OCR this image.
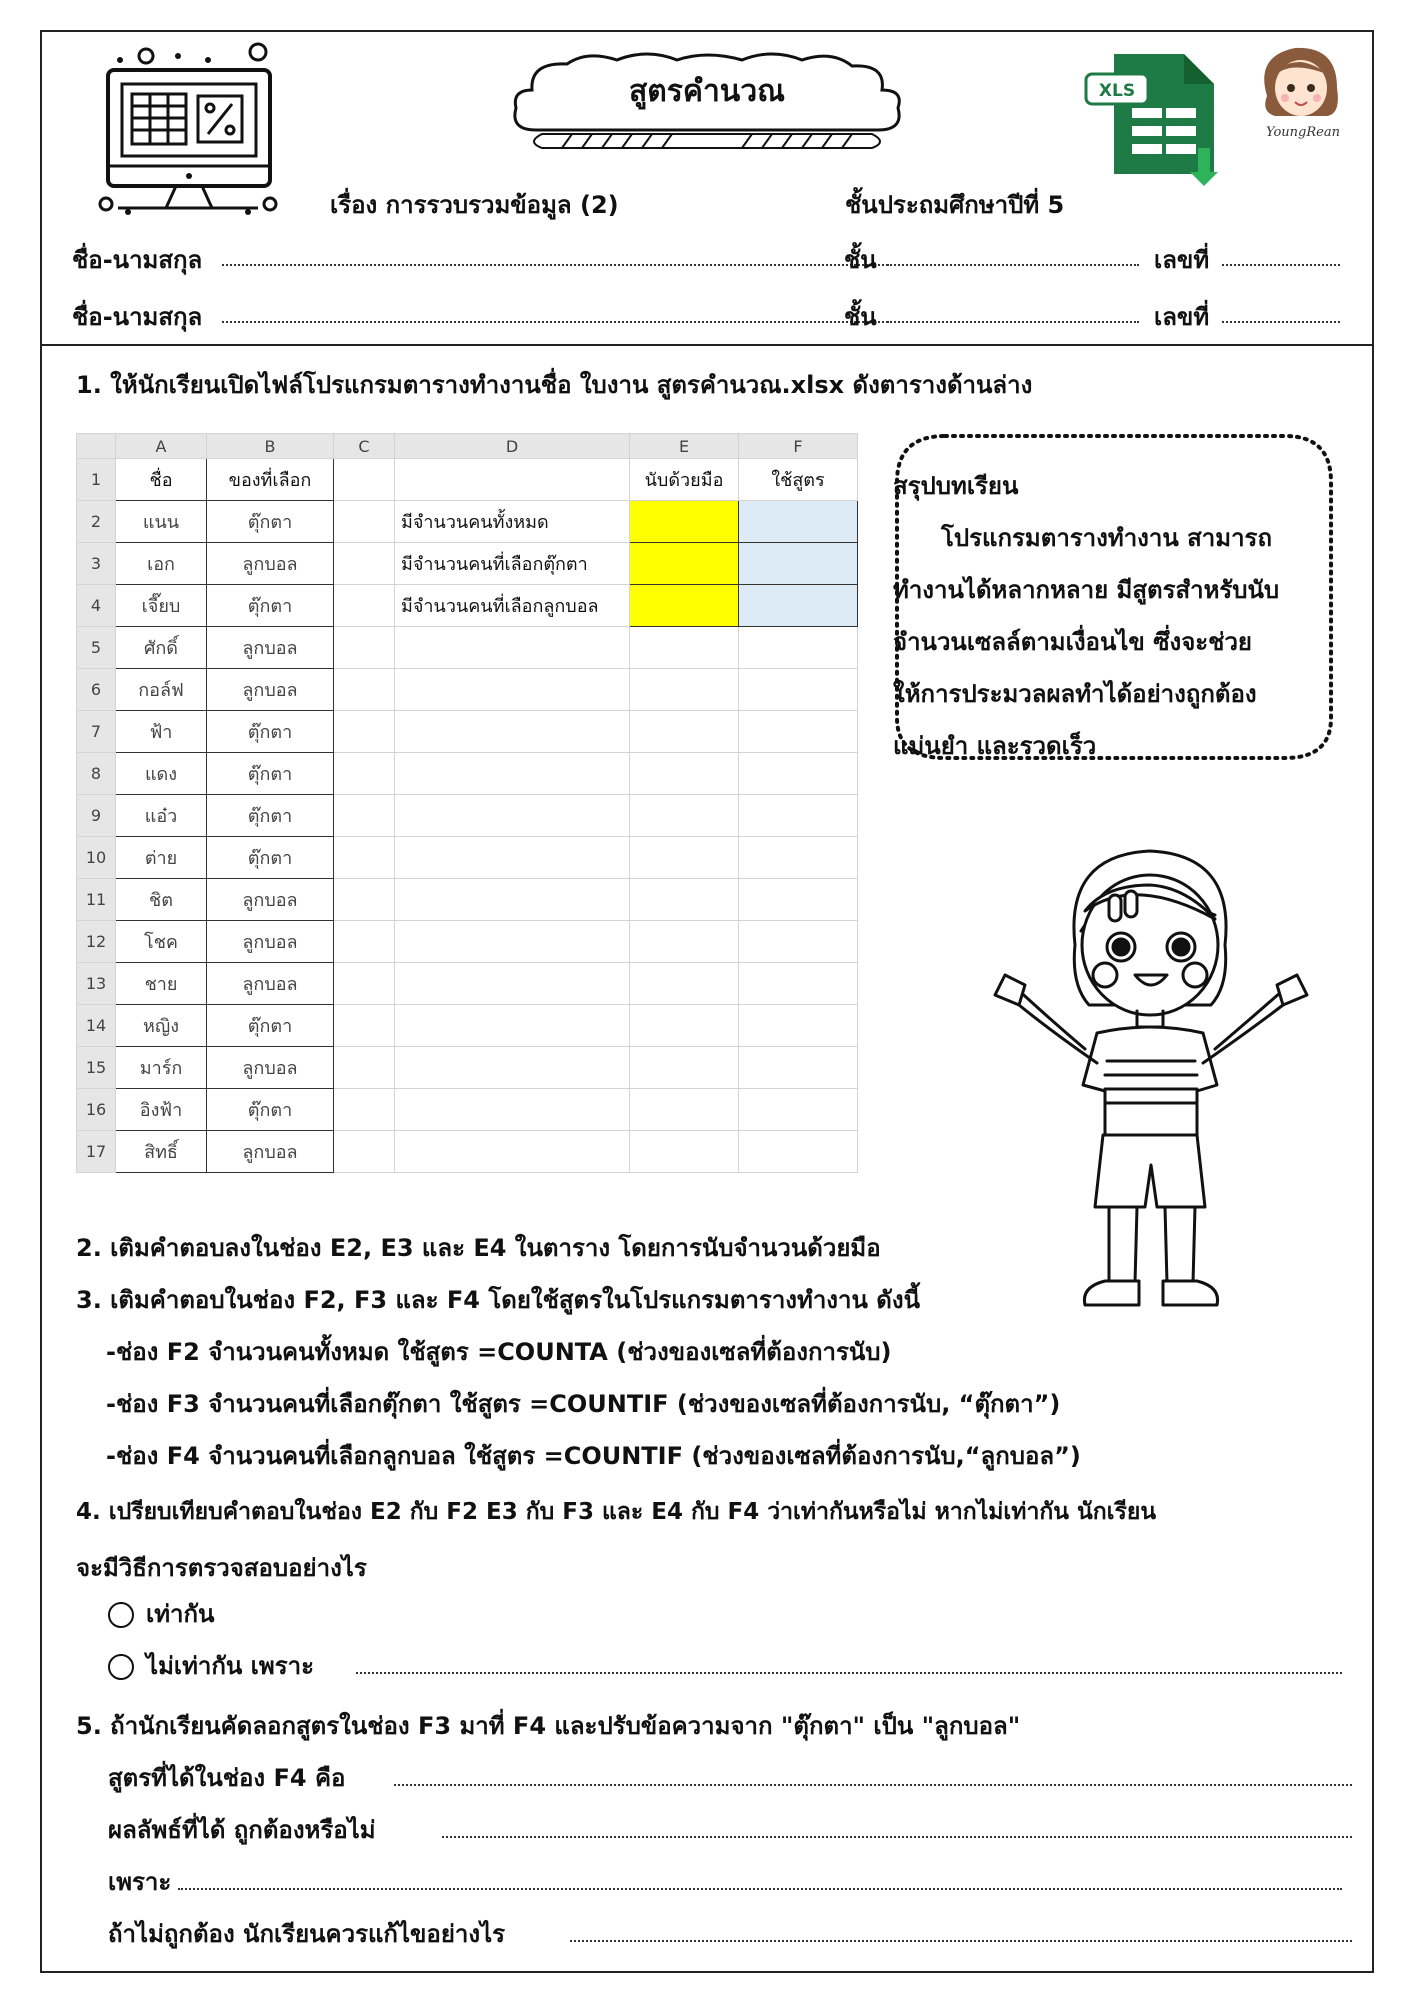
สูตรคำนวณ	XLS
YoungRean
เรื่อง การรวบรวมข้อมูล (2)	ชั้นประถมศึกษาปีที่ 5
ชื่อ-นามสกุล	ชั้น	เลขที่
ชื่อ-นามสกุล	ชั้น	เลขที่
1. ให้นักเรียนเปิดไฟล์โปรแกรมตารางทำงานชื่อ ใบงาน สูตรคำนวณ.xlsx ดังตารางด้านล่าง
	A	B	C	D	E	F
1	ชื่อ	ของที่เลือก			นับด้วยมือ	ใช้สูตร
2	แนน	ตุ๊กตา		มีจำนวนคนทั้งหมด		
3	เอก	ลูกบอล		มีจำนวนคนที่เลือกตุ๊กตา		
4	เจี๊ยบ	ตุ๊กตา		มีจำนวนคนที่เลือกลูกบอล		
5	ศักดิ์	ลูกบอล				
6	กอล์ฟ	ลูกบอล				
7	ฟ้า	ตุ๊กตา				
8	แดง	ตุ๊กตา				
9	แอ๋ว	ตุ๊กตา				
10	ต่าย	ตุ๊กตา				
11	ชิต	ลูกบอล				
12	โชค	ลูกบอล				
13	ชาย	ลูกบอล				
14	หญิง	ตุ๊กตา				
15	มาร์ก	ลูกบอล				
16	อิงฟ้า	ตุ๊กตา				
17	สิทธิ์	ลูกบอล				
สรุปบทเรียน
โปรแกรมตารางทำงาน สามารถ
ทำงานได้หลากหลาย มีสูตรสำหรับนับ
จำนวนเซลล์ตามเงื่อนไข ซึ่งจะช่วย
ให้การประมวลผลทำได้อย่างถูกต้อง
แม่นยำ และรวดเร็ว
2. เติมคำตอบลงในช่อง E2, E3 และ E4 ในตาราง โดยการนับจำนวนด้วยมือ
3. เติมคำตอบในช่อง F2, F3 และ F4 โดยใช้สูตรในโปรแกรมตารางทำงาน ดังนี้
-ช่อง F2 จำนวนคนทั้งหมด ใช้สูตร =COUNTA (ช่วงของเซลที่ต้องการนับ)
-ช่อง F3 จำนวนคนที่เลือกตุ๊กตา ใช้สูตร =COUNTIF (ช่วงของเซลที่ต้องการนับ, “ตุ๊กตา”)
-ช่อง F4 จำนวนคนที่เลือกลูกบอล ใช้สูตร =COUNTIF (ช่วงของเซลที่ต้องการนับ,“ลูกบอล”)
4. เปรียบเทียบคำตอบในช่อง E2 กับ F2 E3 กับ F3 และ E4 กับ F4 ว่าเท่ากันหรือไม่ หากไม่เท่ากัน นักเรียน
จะมีวิธีการตรวจสอบอย่างไร
เท่ากัน
ไม่เท่ากัน เพราะ
5. ถ้านักเรียนคัดลอกสูตรในช่อง F3 มาที่ F4 และปรับข้อความจาก "ตุ๊กตา" เป็น "ลูกบอล"
สูตรที่ได้ในช่อง F4 คือ
ผลลัพธ์ที่ได้ ถูกต้องหรือไม่
เพราะ
ถ้าไม่ถูกต้อง นักเรียนควรแก้ไขอย่างไร
